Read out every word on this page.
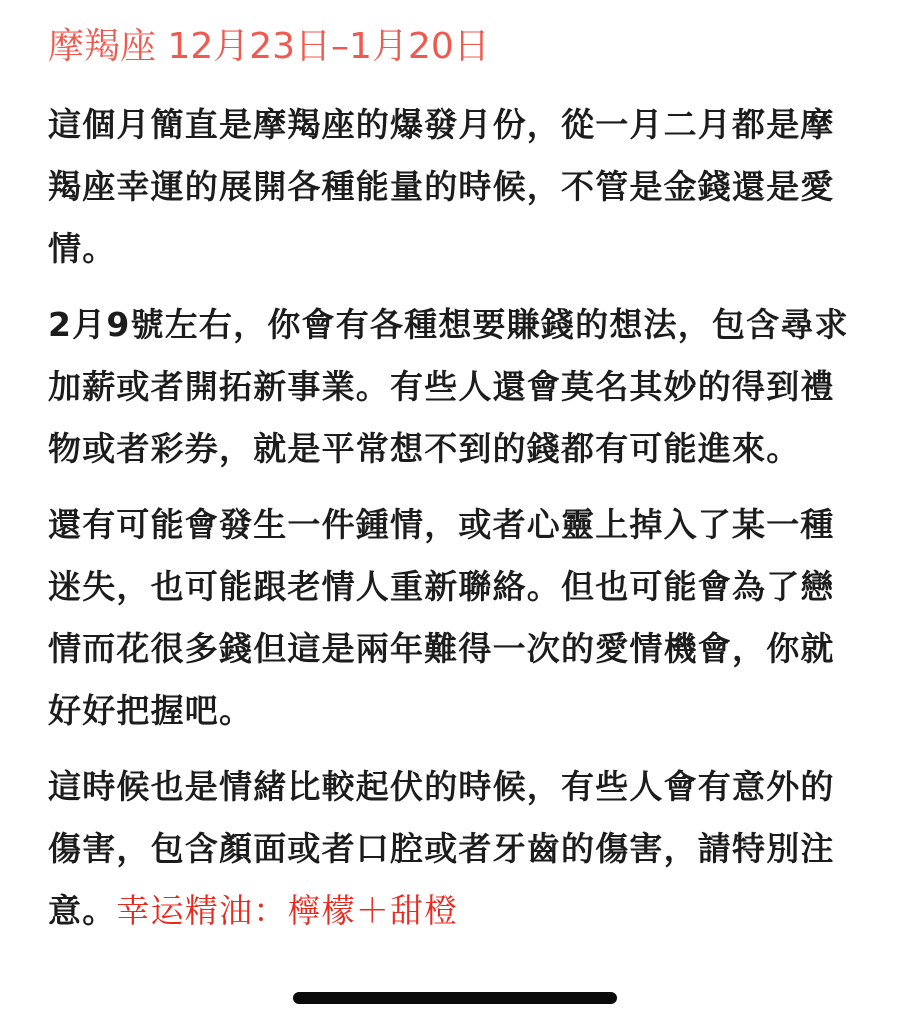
摩羯座 12月23日–1月20日

這個月簡直是摩羯座的爆發月份，從一月二月都是摩羯座幸運的展開各種能量的時候，不管是金錢還是愛情。

2月9號左右，你會有各種想要賺錢的想法，包含尋求加薪或者開拓新事業。有些人還會莫名其妙的得到禮物或者彩券，就是平常想不到的錢都有可能進來。

還有可能會發生一件鍾情，或者心靈上掉入了某一種迷失，也可能跟老情人重新聯絡。但也可能會為了戀情而花很多錢但這是兩年難得一次的愛情機會，你就好好把握吧。

這時候也是情緒比較起伏的時候，有些人會有意外的傷害，包含顏面或者口腔或者牙齒的傷害，請特別注意。幸运精油：檸檬＋甜橙
